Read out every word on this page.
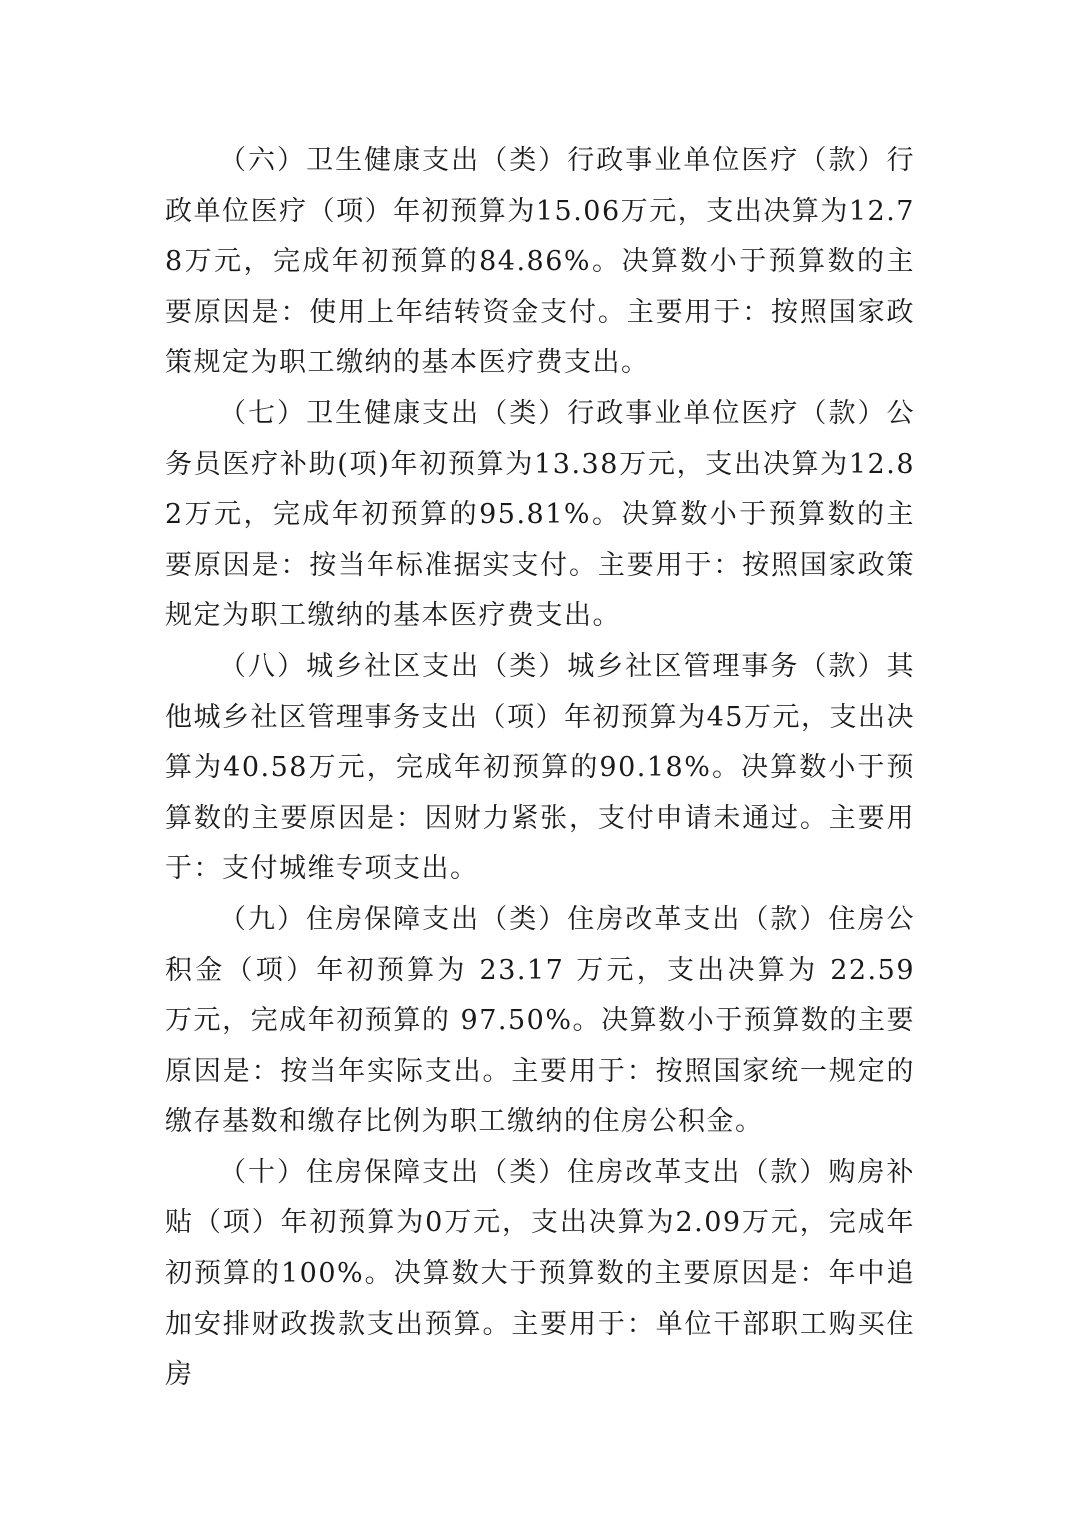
（六）卫生健康支出（类）行政事业单位医疗（款）行政单位医疗（项）年初预算为15.06万元，支出决算为12.78万元，完成年初预算的84.86%。决算数小于预算数的主要原因是：使用上年结转资金支付。主要用于：按照国家政策规定为职工缴纳的基本医疗费支出。

（七）卫生健康支出（类）行政事业单位医疗（款）公务员医疗补助(项)年初预算为13.38万元，支出决算为12.82万元，完成年初预算的95.81%。决算数小于预算数的主要原因是：按当年标准据实支付。主要用于：按照国家政策规定为职工缴纳的基本医疗费支出。

（八）城乡社区支出（类）城乡社区管理事务（款）其他城乡社区管理事务支出（项）年初预算为45万元，支出决算为40.58万元，完成年初预算的90.18%。决算数小于预算数的主要原因是：因财力紧张，支付申请未通过。主要用于：支付城维专项支出。

（九）住房保障支出（类）住房改革支出（款）住房公积金（项）年初预算为 23.17 万元，支出决算为 22.59 万元，完成年初预算的 97.50%。决算数小于预算数的主要原因是：按当年实际支出。主要用于：按照国家统一规定的缴存基数和缴存比例为职工缴纳的住房公积金。

（十）住房保障支出（类）住房改革支出（款）购房补贴（项）年初预算为0万元，支出决算为2.09万元，完成年初预算的100%。决算数大于预算数的主要原因是：年中追加安排财政拨款支出预算。主要用于：单位干部职工购买住房
